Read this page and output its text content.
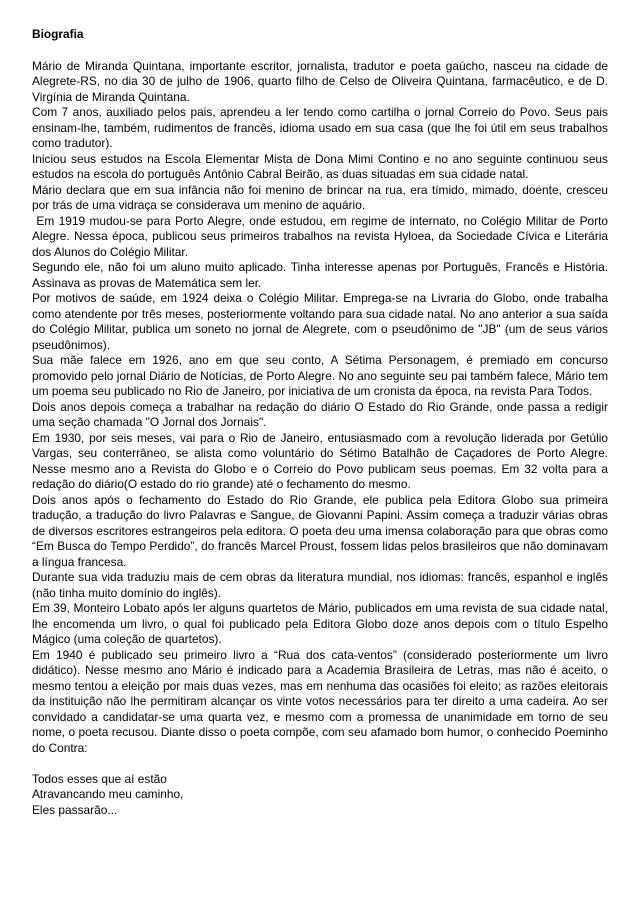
Biografia

Mário de Miranda Quintana, importante escritor, jornalista, tradutor e poeta gaúcho, nasceu na cidade de Alegrete-RS, no dia 30 de julho de 1906, quarto filho de Celso de Oliveira Quintana, farmacêutico, e de D. Virgínia de Miranda Quintana.

Com 7 anos, auxiliado pelos pais, aprendeu a ler tendo como cartilha o jornal Correio do Povo. Seus pais ensinam-lhe, também, rudimentos de francês, idioma usado em sua casa (que lhe foi útil em seus trabalhos como tradutor).

Iniciou seus estudos na Escola Elementar Mista de Dona Mimi Contino e no ano seguinte continuou seus estudos na escola do português Antônio Cabral Beirão, as duas situadas em sua cidade natal.

Mário declara que em sua infância não foi menino de brincar na rua, era tímido, mimado, doente, cresceu por trás de uma vidraça se considerava um menino de aquário.

Em 1919 mudou-se para Porto Alegre, onde estudou, em regime de internato, no Colégio Militar de Porto Alegre. Nessa época, publicou seus primeiros trabalhos na revista Hyloea, da Sociedade Cívica e Literária dos Alunos do Colégio Militar.

Segundo ele, não foi um aluno muito aplicado. Tinha interesse apenas por Português, Francês e História. Assinava as provas de Matemática sem ler.

Por motivos de saúde, em 1924 deixa o Colégio Militar. Emprega-se na Livraria do Globo, onde trabalha como atendente por três meses, posteriormente voltando para sua cidade natal. No ano anterior a sua saída do Colégio Militar, publica um soneto no jornal de Alegrete, com o pseudônimo de "JB" (um de seus vários pseudônimos).

Sua mãe falece em 1926, ano em que seu conto, A Sétima Personagem, é premiado em concurso promovido pelo jornal Diário de Notícias, de Porto Alegre. No ano seguinte seu pai também falece, Mário tem um poema seu publicado no Rio de Janeiro, por iniciativa de um cronista da época, na revista Para Todos.

Dois anos depois começa a trabalhar na redação do diário O Estado do Rio Grande, onde passa a redigir uma seção chamada "O Jornal dos Jornais".

Em 1930, por seis meses, vai para o Rio de Janeiro, entusiasmado com a revolução liderada por Getúlio Vargas, seu conterrâneo, se alista como voluntário do Sétimo Batalhão de Caçadores de Porto Alegre. Nesse mesmo ano a Revista do Globo e o Correio do Povo publicam seus poemas. Em 32 volta para a redação do diário(O estado do rio grande) até o fechamento do mesmo.

Dois anos após o fechamento do Estado do Rio Grande, ele publica pela Editora Globo sua primeira tradução, a tradução do livro Palavras e Sangue, de Giovanni Papini. Assim começa a traduzir várias obras de diversos escritores estrangeiros pela editora. O poeta deu uma imensa colaboração para que obras como “Em Busca do Tempo Perdido”, do francês Marcel Proust, fossem lidas pelos brasileiros que não dominavam a língua francesa.

Durante sua vida traduziu mais de cem obras da literatura mundial, nos idiomas: francês, espanhol e inglês (não tinha muito domínio do inglês).

Em 39, Monteiro Lobato após ler alguns quartetos de Mário, publicados em uma revista de sua cidade natal, lhe encomenda um livro, o qual foi publicado pela Editora Globo doze anos depois com o título Espelho Mágico (uma coleção de quartetos).

Em 1940 é publicado seu primeiro livro a “Rua dos cata-ventos” (considerado posteriormente um livro didático). Nesse mesmo ano Mário é indicado para a Academia Brasileira de Letras, mas não é aceito, o mesmo tentou a eleição por mais duas vezes, mas em nenhuma das ocasiões foi eleito; as razões eleitorais da instituição não lhe permitiram alcançar os vinte votos necessários para ter direito a uma cadeira. Ao ser convidado a candidatar-se uma quarta vez, e mesmo com a promessa de unanimidade em torno de seu nome, o poeta recusou. Diante disso o poeta compõe, com seu afamado bom humor, o conhecido Poeminho do Contra:

Todos esses que aí estão
Atravancando meu caminho,
Eles passarão...
